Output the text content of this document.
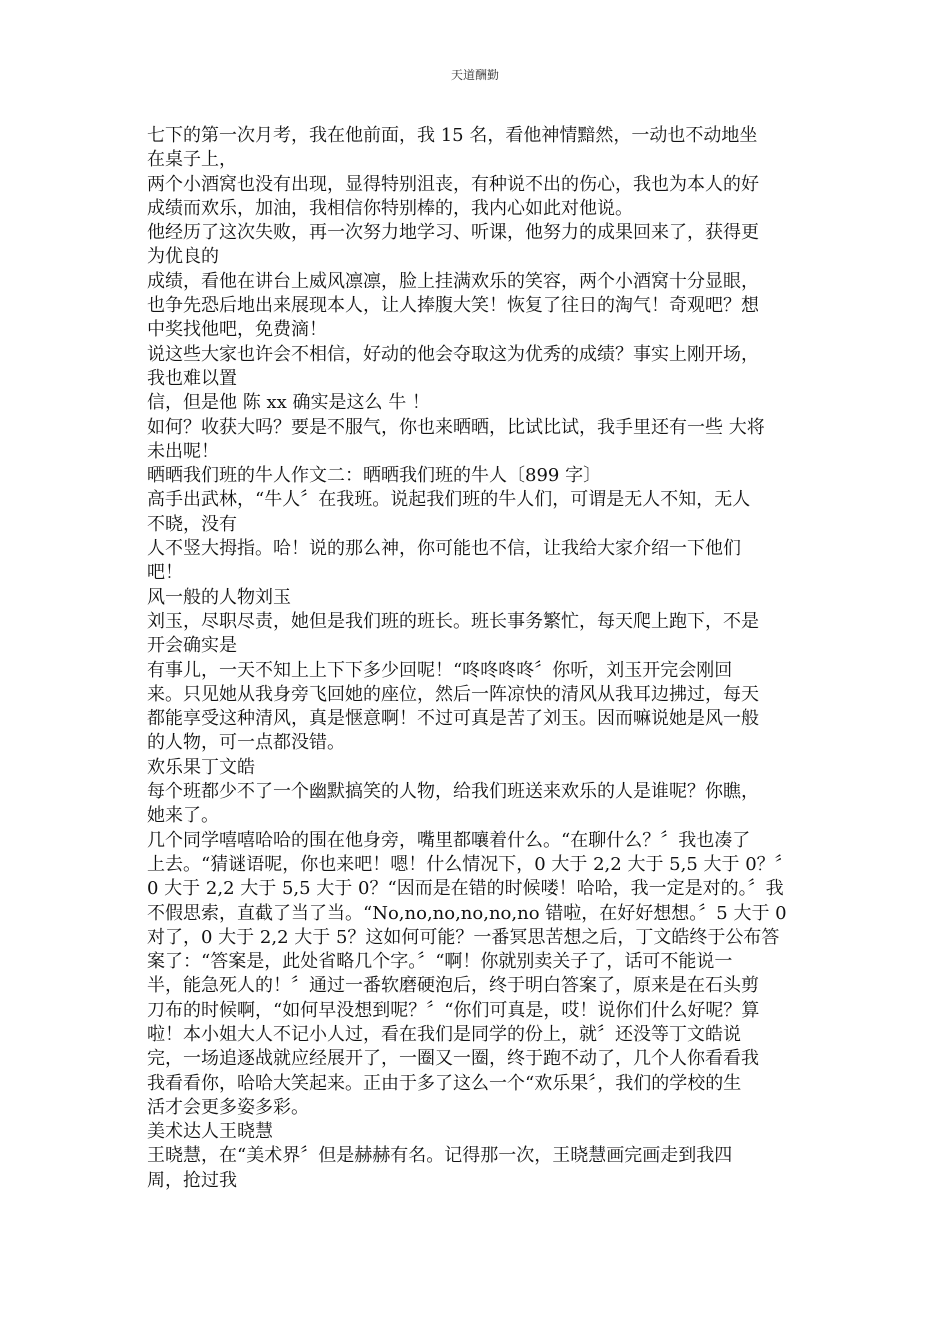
天道酬勤
七下的第一次月考，我在他前面，我 15 名，看他神情黯然，一动也不动地坐
在桌子上，
两个小酒窝也没有出现，显得特别沮丧，有种说不出的伤心，我也为本人的好
成绩而欢乐，加油，我相信你特别棒的，我内心如此对他说。
他经历了这次失败，再一次努力地学习、听课，他努力的成果回来了，获得更
为优良的
成绩，看他在讲台上威风凛凛，脸上挂满欢乐的笑容，两个小酒窝十分显眼，
也争先恐后地出来展现本人，让人捧腹大笑！恢复了往日的淘气！奇观吧？想
中奖找他吧，免费滴！
说这些大家也许会不相信，好动的他会夺取这为优秀的成绩？事实上刚开场，
我也难以置
信，但是他 陈 xx 确实是这么 牛 ！
如何？收获大吗？要是不服气，你也来晒晒，比试比试，我手里还有一些 大将
未出呢！
晒晒我们班的牛人作文二：晒晒我们班的牛人〔899 字〕
高手出武林，“牛人〞在我班。说起我们班的牛人们，可谓是无人不知，无人
不晓，没有
人不竖大拇指。哈！说的那么神，你可能也不信，让我给大家介绍一下他们
吧！
风一般的人物刘玉
刘玉，尽职尽责，她但是我们班的班长。班长事务繁忙，每天爬上跑下，不是
开会确实是
有事儿，一天不知上上下下多少回呢！“咚咚咚咚〞你听，刘玉开完会刚回
来。只见她从我身旁飞回她的座位，然后一阵凉快的清风从我耳边拂过，每天
都能享受这种清风，真是惬意啊！不过可真是苦了刘玉。因而嘛说她是风一般
的人物，可一点都没错。
欢乐果丁文皓
每个班都少不了一个幽默搞笑的人物，给我们班送来欢乐的人是谁呢？你瞧，
她来了。
几个同学嘻嘻哈哈的围在他身旁，嘴里都嚷着什么。“在聊什么？〞我也凑了
上去。“猜谜语呢，你也来吧！嗯！什么情况下，0 大于 2,2 大于 5,5 大于 0？〞
0 大于 2,2 大于 5,5 大于 0？“因而是在错的时候喽！哈哈，我一定是对的。〞我
不假思索，直截了当了当。“No,no,no,no,no,no 错啦，在好好想想。〞5 大于 0
对了，0 大于 2,2 大于 5？这如何可能？一番冥思苦想之后，丁文皓终于公布答
案了：“答案是，此处省略几个字。〞“啊！你就别卖关子了，话可不能说一
半，能急死人的！〞通过一番软磨硬泡后，终于明白答案了，原来是在石头剪
刀布的时候啊，“如何早没想到呢？〞“你们可真是，哎！说你们什么好呢？算
啦！本小姐大人不记小人过，看在我们是同学的份上，就〞还没等丁文皓说
完，一场追逐战就应经展开了，一圈又一圈，终于跑不动了，几个人你看看我
我看看你，哈哈大笑起来。正由于多了这么一个“欢乐果〞，我们的学校的生
活才会更多姿多彩。
美术达人王晓慧
王晓慧，在“美术界〞但是赫赫有名。记得那一次，王晓慧画完画走到我四
周，抢过我
